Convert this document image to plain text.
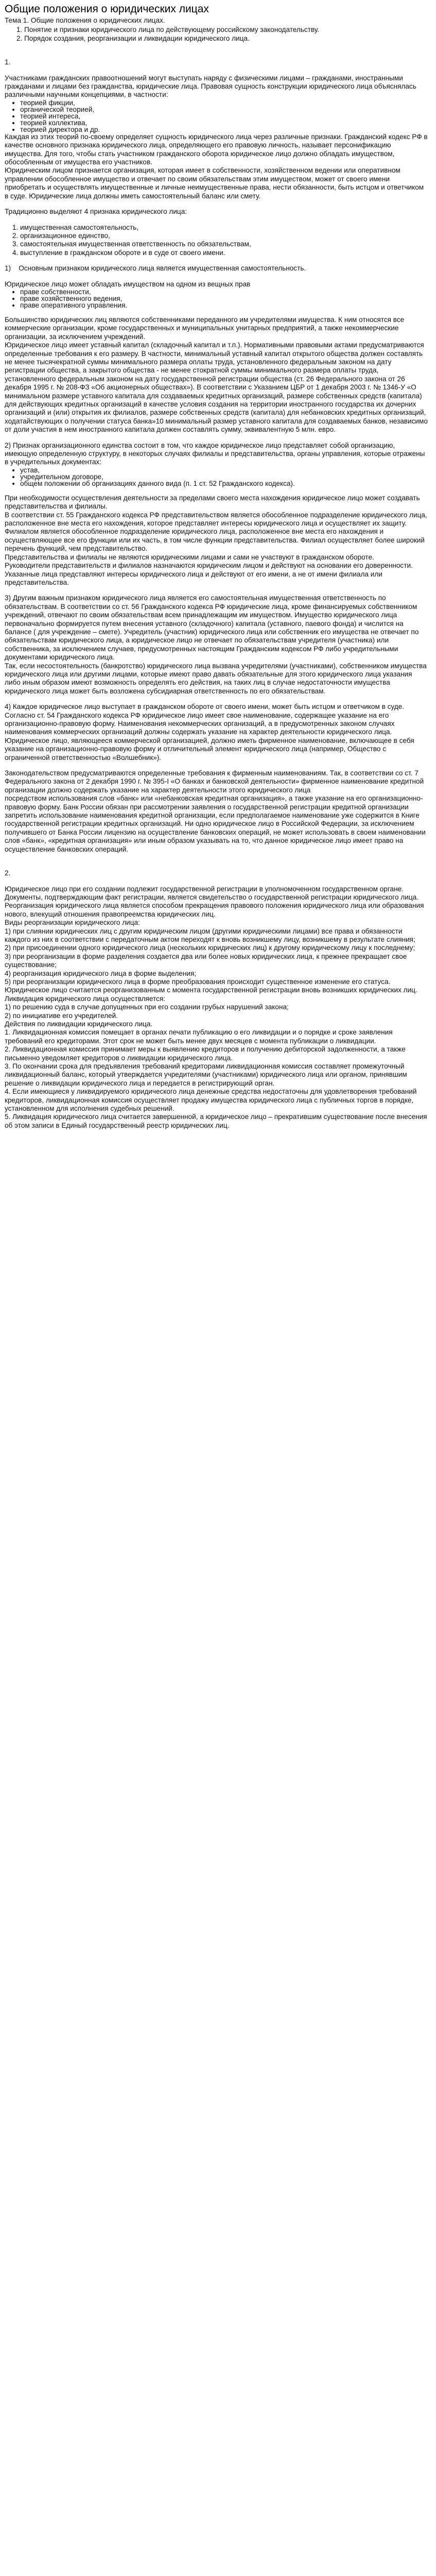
Общие положения о юридических лицах

Тема 1. Общие положения о юридических лицах.

1. Понятие и признаки юридического лица по действующему российскому законодательству.
2. Порядок создания, реорганизации и ликвидации юридического лица.

1.

Участниками гражданских правоотношений могут выступать наряду с физическими лицами – гражданами, иностранными гражданами и лицами без гражданства, юридические лица. Правовая сущность конструкции юридического лица объяснялась различными научными концепциями, в частности:

• теорией фикции,
• органической теорией,
• теорией интереса,
• теорией коллектива,
• теорией директора и др.

Каждая из этих теорий по-своему определяет сущность юридического лица через различные признаки. Гражданский кодекс РФ в качестве основного признака юридического лица, определяющего его правовую личность, называет персонификацию имущества. Для того, чтобы стать участником гражданского оборота юридическое лицо должно обладать имуществом, обособленным от имущества его участников.

Юридическим лицом признается организация, которая имеет в собственности, хозяйственном ведении или оперативном управлении обособленное имущество и отвечает по своим обязательствам этим имуществом, может от своего имени приобретать и осуществлять имущественные и личные неимущественные права, нести обязанности, быть истцом и ответчиком в суде. Юридические лица должны иметь самостоятельный баланс или смету.

Традиционно выделяют 4 признака юридического лица:

1. имущественная самостоятельность,
2. организационное единство,
3. самостоятельная имущественная ответственность по обязательствам,
4. выступление в гражданском обороте и в суде от своего имени.

1)    Основным признаком юридического лица является имущественная самостоятельность.

Юридическое лицо может обладать имуществом на одном из вещных прав

• праве собственности,
• праве хозяйственного ведения,
• праве оперативного управления.

Большинство юридических лиц являются собственниками переданного им учредителями имущества. К ним относятся все коммерческие организации, кроме государственных и муниципальных унитарных предприятий, а также некоммерческие организации, за исключением учреждений.
Юридическое лицо имеет уставный капитал (складочный капитал и т.п.). Нормативными правовыми актами предусматриваются определенные требования к его размеру. В частности, минимальный уставный капитал открытого общества должен составлять не менее тысячекратной суммы минимального размера оплаты труда, установленного федеральным законом на дату регистрации общества, а закрытого общества - не менее стократной суммы минимального размера оплаты труда, установленного федеральным законом на дату государственной регистрации общества (ст. 26 Федерального закона от 26 декабря 1995 г. № 208-ФЗ «Об акционерных обществах»). В соответствии с Указанием ЦБР от 1 декабря 2003 г. № 1346-У «О минимальном размере уставного капитала для создаваемых кредитных организаций, размере собственных средств (капитала) для действующих кредитных организаций в качестве условия создания на территории иностранного государства их дочерних организаций и (или) открытия их филиалов, размере собственных средств (капитала) для небанковских кредитных организаций, ходатайствующих о получении статуса банка»10 минимальный размер уставного капитала для создаваемых банков, независимо от доли участия в нем иностранного капитала должен составлять сумму, эквивалентную 5 млн. евро.

2) Признак организационного единства состоит в том, что каждое юридическое лицо представляет собой организацию, имеющую определенную структуру, в некоторых случаях филиалы и представительства, органы управления, которые отражены в учредительных документах:

• устав,
• учредительном договоре,
• общем положении об организациях данного вида (п. 1 ст. 52 Гражданского кодекса).

При необходимости осуществления деятельности за пределами своего места нахождения юридическое лицо может создавать представительства и филиалы.
В соответствии ст. 55 Гражданского кодекса РФ представительством является обособленное подразделение юридического лица, расположенное вне места его нахождения, которое представляет интересы юридического лица и осуществляет их защиту.
Филиалом является обособленное подразделение юридического лица, расположенное вне места его нахождения и осуществляющее все его функции или их часть, в том числе функции представительства. Филиал осуществляет более широкий перечень функций, чем представительство.
Представительства и филиалы не являются юридическими лицами и сами не участвуют в гражданском обороте.
Руководители представительств и филиалов назначаются юридическим лицом и действуют на основании его доверенности. Указанные лица представляют интересы юридического лица и действуют от его имени, а не от имени филиала или представительства.

3) Другим важным признаком юридического лица является его самостоятельная имущественная ответственность по обязательствам. В соответствии со ст. 56 Гражданского кодекса РФ юридические лица, кроме финансируемых собственником учреждений, отвечают по своим обязательствам всем принадлежащим им имуществом. Имущество юридического лица первоначально формируется путем внесения уставного (складочного) капитала (уставного, паевого фонда) и числится на балансе ( для учреждение – смете). Учредитель (участник) юридического лица или собственник его имущества не отвечает по обязательствам юридического лица, а юридическое лицо не отвечает по обязательствам учредителя (участника) или собственника, за исключением случаев, предусмотренных настоящим Гражданским кодексом РФ либо учредительными документами юридического лица.
Так, если несостоятельность (банкротство) юридического лица вызвана учредителями (участниками), собственником имущества юридического лица или другими лицами, которые имеют право давать обязательные для этого юридического лица указания либо иным образом имеют возможность определять его действия, на таких лиц в случае недостаточности имущества юридического лица может быть возложена субсидиарная ответственность по его обязательствам.

4) Каждое юридическое лицо выступает в гражданском обороте от своего имени, может быть истцом и ответчиком в суде. Согласно ст. 54 Гражданского кодекса РФ юридическое лицо имеет свое наименование, содержащее указание на его организационно-правовую форму. Наименования некоммерческих организаций, а в предусмотренных законом случаях наименования коммерческих организаций должны содержать указание на характер деятельности юридического лица. Юридическое лицо, являющееся коммерческой организацией, должно иметь фирменное наименование, включающее в себя указание на организационно-правовую форму и отличительный элемент юридического лица (например, Общество с ограниченной ответственностью «Волшебник»).

Законодательством предусматриваются определенные требования к фирменным наименованиям. Так, в соответствии со ст. 7 Федерального закона от 2 декабря 1990 г. № 395-I «О банках и банковской деятельности» фирменное наименование кредитной организации должно содержать указание на характер деятельности этого юридического лица
посредством использования слов «банк» или «небанковская кредитная организация», а также указание на его организационно-правовую форму. Банк России обязан при рассмотрении заявления о государственной регистрации кредитной организации запретить использование наименования кредитной организации, если предполагаемое наименование уже содержится в Книге государственной регистрации кредитных организаций. Ни одно юридическое лицо в Российской Федерации, за исключением получившего от Банка России лицензию на осуществление банковских операций, не может использовать в своем наименовании слов «банк», «кредитная организация» или иным образом указывать на то, что данное юридическое лицо имеет право на осуществление банковских операций.

2.

Юридическое лицо при его создании подлежит государственной регистрации в уполномоченном государственном органе.
Документы, подтверждающим факт регистрации, является свидетельство о государственной регистрации юридического лица.
Реорганизация юридического лица является способом прекращения правового положения юридического лица или образования нового, влекущий отношения правопреемства юридических лиц.
Виды реорганизации юридического лица:
1) при слиянии юридических лиц с другим юридическим лицом (другими юридическими лицами) все права и обязанности каждого из них в соответствии с передаточным актом переходят к вновь возникшему лицу, возникшему в результате слияния;
2) при присоединении одного юридического лица (нескольких юридических лиц) к другому юридическому лицу к последнему;
3) при реорганизации в форме разделения создается два или более новых юридических лица, к прежнее прекращает свое существование;
4) реорганизация юридического лица в форме выделения;
5) при реорганизации юридического лица в форме преобразования происходит существенное изменение его статуса.
Юридическое лицо считается реорганизованным с момента государственной регистрации вновь возникших юридических лиц.
Ликвидация юридического лица осуществляется:
1) по решению суда в случае допущенных при его создании грубых нарушений закона;
2) по инициативе его учредителей.
Действия по ликвидации юридического лица.
1. Ликвидационная комиссия помещает в органах печати публикацию о его ликвидации и о порядке и сроке заявления требований его кредиторами. Этот срок не может быть менее двух месяцев с момента публикации о ликвидации.
2. Ликвидационная комиссия принимает меры к выявлению кредиторов и получению дебиторской задолженности, а также письменно уведомляет кредиторов о ликвидации юридического лица.
3. По окончании срока для предъявления требований кредиторами ликвидационная комиссия составляет промежуточный ликвидационный баланс, который утверждается учредителями (участниками) юридического лица или органом, принявшим решение о ликвидации юридического лица и передается в регистрирующий орган.
4. Если имеющиеся у ликвидируемого юридического лица денежные средства недостаточны для удовлетворения требований кредиторов, ликвидационная комиссия осуществляет продажу имущества юридического лица с публичных торгов в порядке, установленном для исполнения судебных решений.
5. Ликвидация юридического лица считается завершенной, а юридическое лицо – прекратившим существование после внесения об этом записи в Единый государственный реестр юридических лиц.
